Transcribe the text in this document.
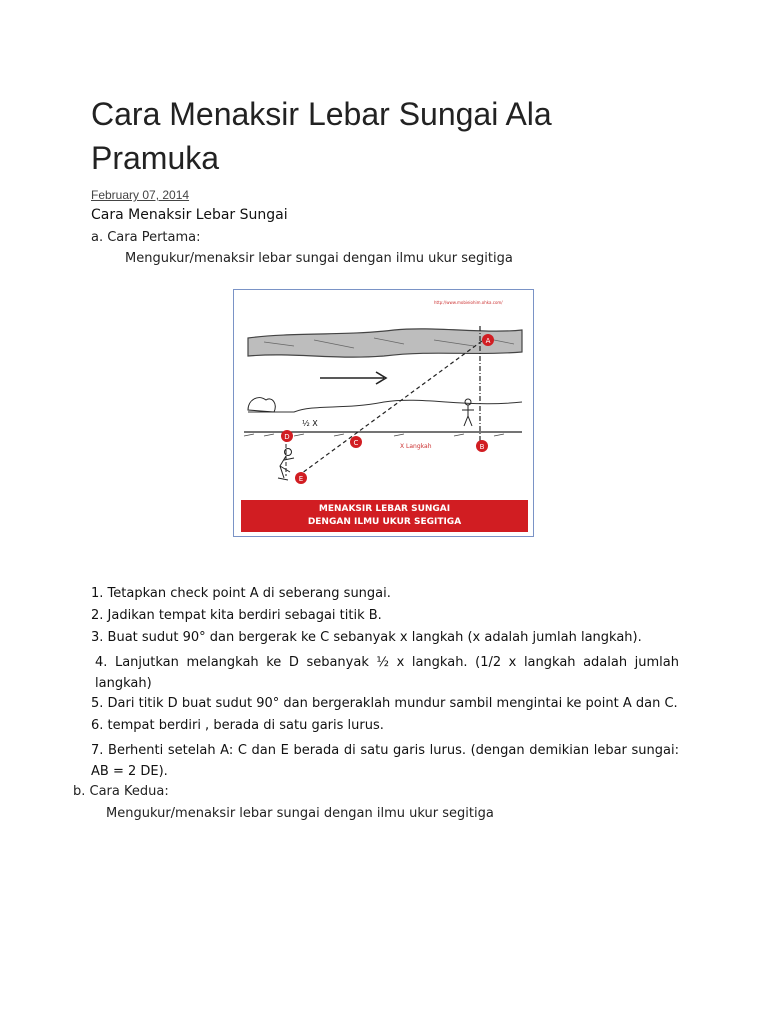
Cara Menaksir Lebar Sungai Ala Pramuka
February 07, 2014
Cara Menaksir Lebar Sungai
a. Cara Pertama:
Mengukur/menaksir lebar sungai dengan ilmu ukur segitiga
http://www.mobieiohim.ohka.com/
½ X
X Langkah
A
B
C
D
E
MENAKSIR LEBAR SUNGAI
DENGAN ILMU UKUR SEGITIGA
1. Tetapkan check point A di seberang sungai.
2. Jadikan tempat kita berdiri sebagai titik B.
3. Buat sudut 90° dan bergerak ke C sebanyak x langkah (x adalah jumlah langkah).
4. Lanjutkan melangkah ke D sebanyak ½ x langkah. (1/2 x langkah adalah jumlah langkah)
5. Dari titik D buat sudut 90° dan bergeraklah mundur sambil mengintai ke point A dan C.
6. tempat berdiri , berada di satu garis lurus.
7. Berhenti setelah A: C dan E berada di satu garis lurus. (dengan demikian lebar sungai: AB = 2 DE).
b. Cara Kedua:
Mengukur/menaksir lebar sungai dengan ilmu ukur segitiga
